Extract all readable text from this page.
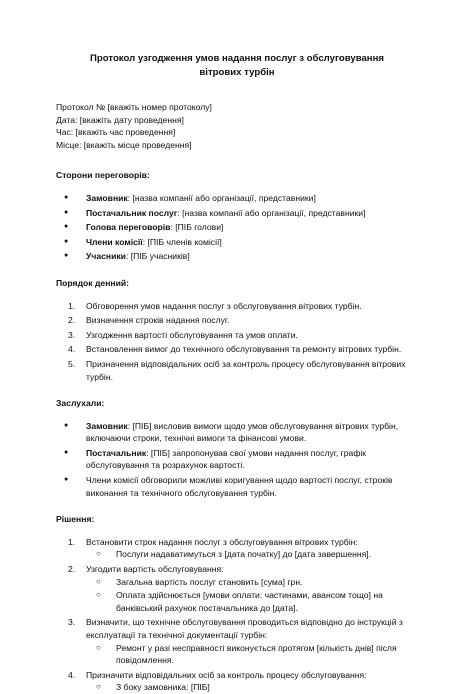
Протокол узгодження умов надання послуг з обслуговування вітрових турбін

Протокол № [вкажіть номер протоколу]

Дата: [вкажіть дату проведення]

Час: [вкажіть час проведення]

Місце: [вкажіть місце проведення]

Сторони переговорів:
● Замовник: [назва компанії або організації, представники]
● Постачальник послуг: [назва компанії або організації, представники]
● Голова переговорів: [ПІБ голови]
● Члени комісії: [ПІБ членів комісії]
● Учасники: [ПІБ учасників]
Порядок денний:
1. Обговорення умов надання послуг з обслуговування вітрових турбін.
2. Визначення строків надання послуг.
3. Узгодження вартості обслуговування та умов оплати.
4. Встановлення вимог до технічного обслуговування та ремонту вітрових турбін.
5. Призначення відповідальних осіб за контроль процесу обслуговування вітрових турбін.
Заслухали:
● Замовник: [ПІБ] висловив вимоги щодо умов обслуговування вітрових турбін, включаючи строки, технічні вимоги та фінансові умови.
● Постачальник: [ПІБ] запропонував свої умови надання послуг, графік обслуговування та розрахунок вартості.
● Члени комісії обговорили можливі коригування щодо вартості послуг, строків виконання та технічного обслуговування турбін.
Рішення:
1. Встановити строк надання послуг з обслуговування вітрових турбін:
○ Послуги надаватимуться з [дата початку] до [дата завершення].
2. Узгодити вартість обслуговування:
○ Загальна вартість послуг становить [сума] грн.
○ Оплата здійснюється [умови оплати: частинами, авансом тощо] на банківський рахунок постачальника до [дата].
3. Визначити, що технічне обслуговування проводиться відповідно до інструкцій з експлуатації та технічної документації турбін:
○ Ремонт у разі несправності виконується протягом [кількість днів] після повідомлення.
4. Призначити відповідальних осіб за контроль процесу обслуговування:
○ З боку замовника: [ПІБ]
